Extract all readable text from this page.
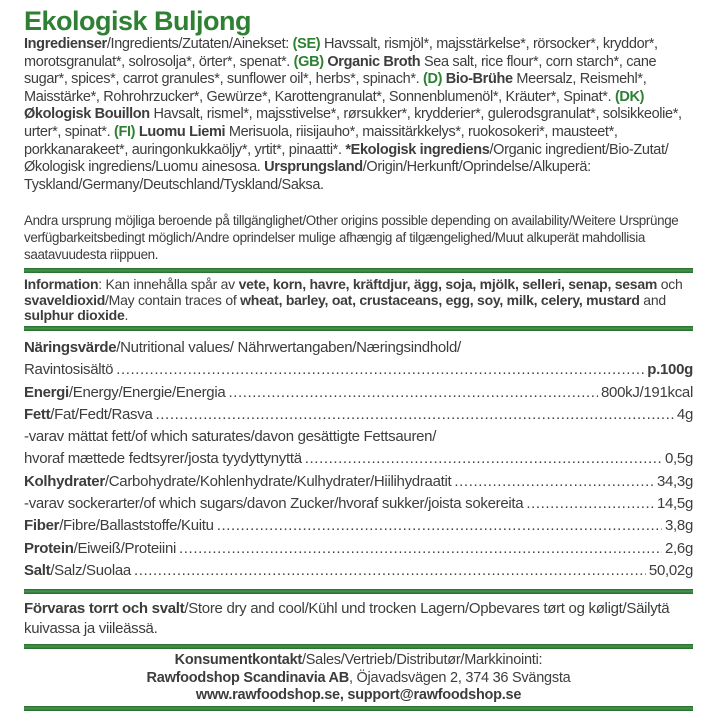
Ekologisk Buljong
Ingredienser/Ingredients/Zutaten/Ainekset: (SE) Havssalt, rismjöl*, majsstärkelse*, rörsocker*, kryddor*, morotsgranulat*, solrosolja*, örter*, spenat*. (GB) Organic Broth Sea salt, rice flour*, corn starch*, cane sugar*, spices*, carrot granules*, sunflower oil*, herbs*, spinach*. (D) Bio-Brühe Meersalz, Reismehl*, Maisstärke*, Rohrohrzucker*, Gewürze*, Karottengranulat*, Sonnenblumenöl*, Kräuter*, Spinat*. (DK) Økologisk Bouillon Havsalt, rismel*, majsstivelse*, rørsukker*, krydderier*, gulerodsgranulat*, solsikkeolie*, urter*, spinat*. (FI) Luomu Liemi Merisuola, riisijauho*, maissitärkkelys*, ruokosokeri*, mausteet*, porkkanarakeet*, auringonkukkaöljy*, yrtit*, pinaatti*. *Ekologisk ingrediens/Organic ingredient/Bio-Zutat/Økologisk ingrediens/Luomu ainesosa. Ursprungsland/Origin/Herkunft/Oprindelse/Alkuperä: Tyskland/Germany/Deutschland/Tyskland/Saksa.
Andra ursprung möjliga beroende på tillgänglighet/Other origins possible depending on availability/Weitere Ursprünge verfügbarkeitsbedingt möglich/Andre oprindelser mulige afhængig af tilgængelighed/Muut alkuperät mahdollisia saatavuudesta riippuen.
Information: Kan innehålla spår av vete, korn, havre, kräftdjur, ägg, soja, mjölk, selleri, senap, sesam och svaveldioxid/May contain traces of wheat, barley, oat, crustaceans, egg, soy, milk, celery, mustard and sulphur dioxide.
Näringsvärde/Nutritional values/ Nährwertangaben/Næringsindhold/
Ravintosisältö .....	p.100g
Energi/Energy/Energie/Energia .....	800kJ/191kcal
Fett/Fat/Fedt/Rasva .....	4g
-varav mättat fett/of which saturates/davon gesättigte Fettsauren/
hvoraf mættede fedtsyrer/josta tyydyttynyttä .....	0,5g
Kolhydrater/Carbohydrate/Kohlenhydrate/Kulhydrater/Hiilihydraatit .....	34,3g
-varav sockerarter/of which sugars/davon Zucker/hvoraf sukker/joista sokereita .....	14,5g
Fiber/Fibre/Ballaststoffe/Kuitu .....	3,8g
Protein/Eiweiß/Proteiini .....	2,6g
Salt/Salz/Suolaa .....	50,02g
Förvaras torrt och svalt/Store dry and cool/Kühl und trocken Lagern/Opbevares tørt og køligt/Säilytä kuivassa ja viileässä.
Konsumentkontakt/Sales/Vertrieb/Distributør/Markkinointi:
Rawfoodshop Scandinavia AB, Öjavadsvägen 2, 374 36 Svängsta
www.rawfoodshop.se, support@rawfoodshop.se
